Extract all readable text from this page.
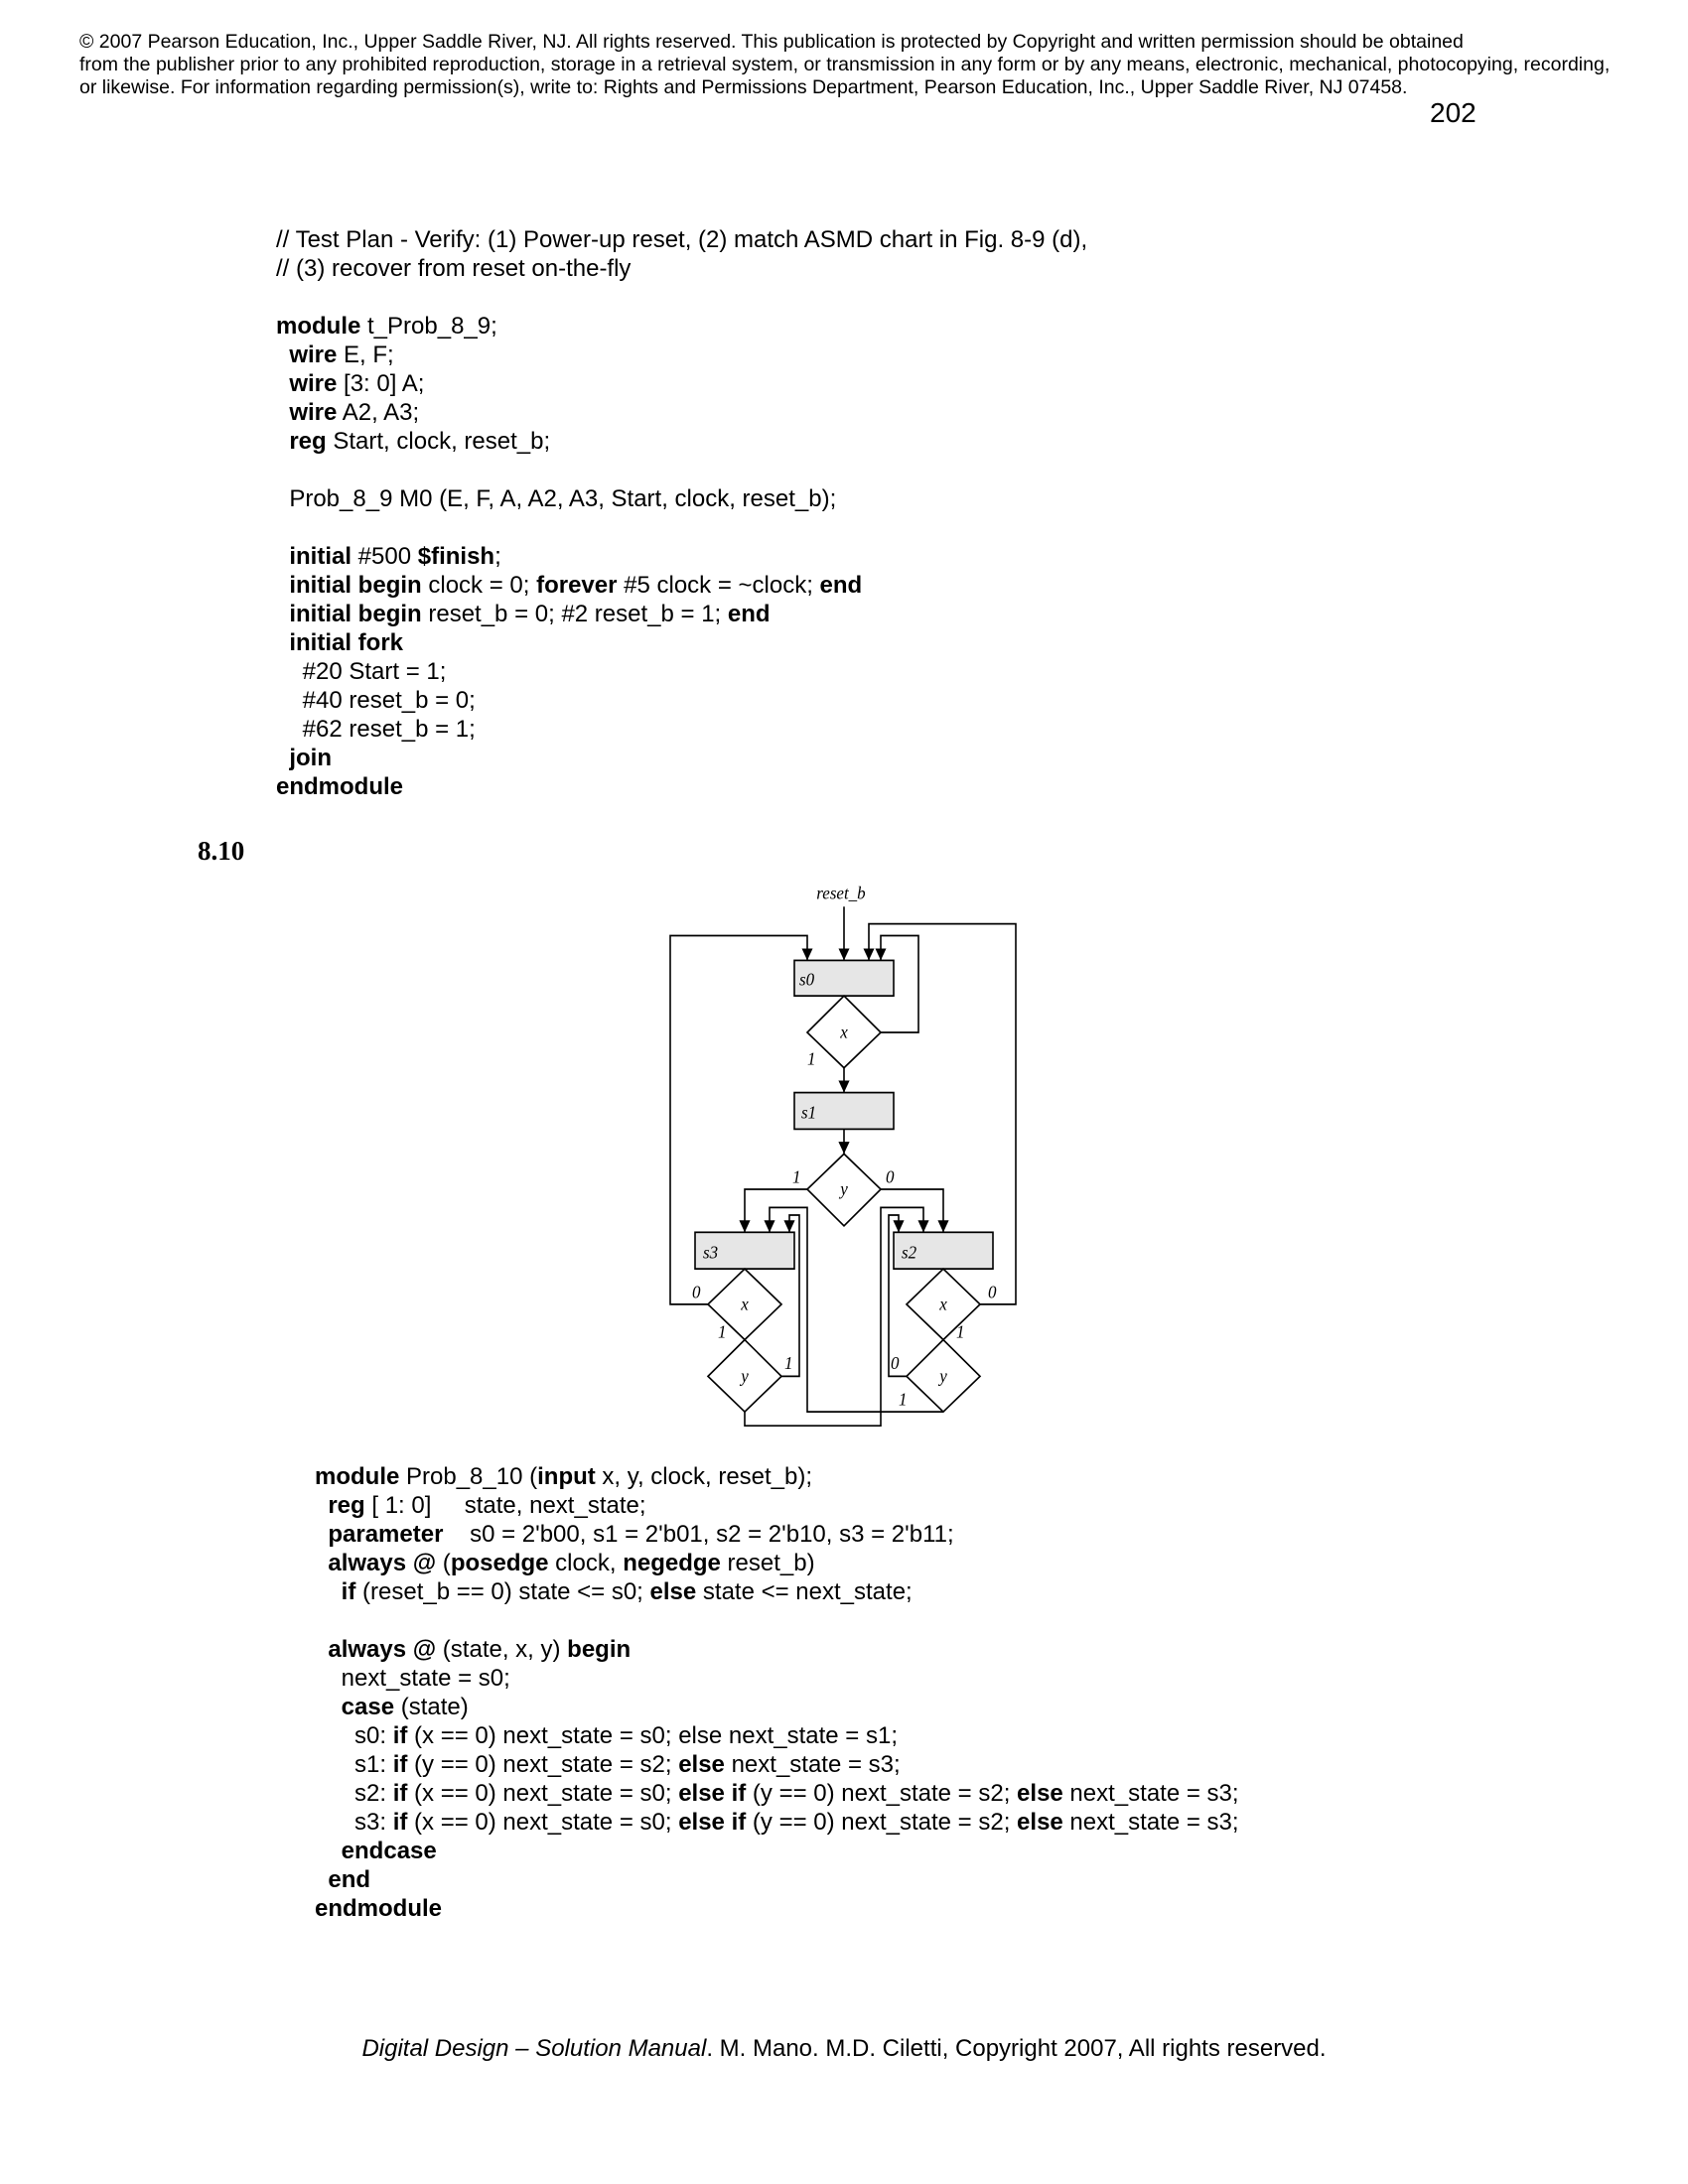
© 2007 Pearson Education, Inc., Upper Saddle River, NJ. All rights reserved. This publication is protected by Copyright and written permission should be obtained
from the publisher prior to any prohibited reproduction, storage in a retrieval system, or transmission in any form or by any means, electronic, mechanical, photocopying, recording,
or likewise. For information regarding permission(s), write to: Rights and Permissions Department, Pearson Education, Inc., Upper Saddle River, NJ 07458.
202
// Test Plan - Verify: (1) Power-up reset, (2) match ASMD chart in Fig. 8-9 (d),
// (3) recover from reset on-the-fly
module t_Prob_8_9;
wire E, F;
wire [3: 0] A;
wire A2, A3;
reg Start, clock, reset_b;
Prob_8_9 M0 (E, F, A, A2, A3, Start, clock, reset_b);
initial #500 $finish;
initial begin clock = 0; forever #5 clock = ~clock; end
initial begin reset_b = 0; #2 reset_b = 1; end
initial fork
#20 Start = 1;
#40 reset_b = 0;
#62 reset_b = 1;
join
endmodule
8.10
reset_b
s0
s1
s3	s2
x
y
x
y
x
y
1
1	0
0
1
1
0
1
0
1
module Prob_8_10 (input x, y, clock, reset_b);
reg [ 1: 0]     state, next_state;
parameter    s0 = 2'b00, s1 = 2'b01, s2 = 2'b10, s3 = 2'b11;
always @ (posedge clock, negedge reset_b)
if (reset_b == 0) state <= s0; else state <= next_state;
always @ (state, x, y) begin
next_state = s0;
case (state)
s0: if (x == 0) next_state = s0; else next_state = s1;
s1: if (y == 0) next_state = s2; else next_state = s3;
s2: if (x == 0) next_state = s0; else if (y == 0) next_state = s2; else next_state = s3;
s3: if (x == 0) next_state = s0; else if (y == 0) next_state = s2; else next_state = s3;
endcase
end
endmodule
Digital Design – Solution Manual. M. Mano. M.D. Ciletti, Copyright 2007, All rights reserved.
